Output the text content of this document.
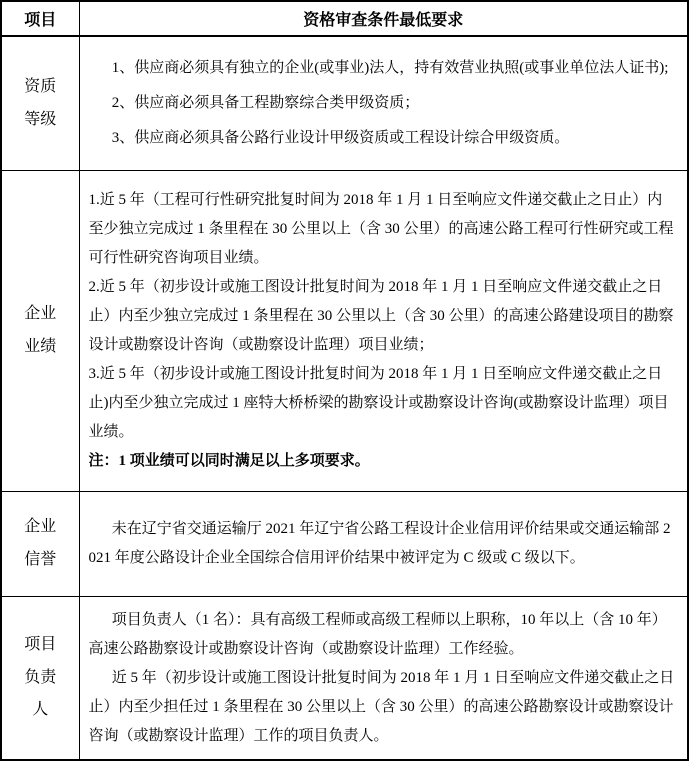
项目	资格审查条件最低要求
资质等级	1、供应商必须具有独立的企业(或事业)法人，持有效营业执照(或事业单位法人证书);

2、供应商必须具备工程勘察综合类甲级资质；

3、供应商必须具备公路行业设计甲级资质或工程设计综合甲级资质。

企业业绩	1.近 5 年（工程可行性研究批复时间为 2018 年 1 月 1 日至响应文件递交截止之日止）内至少独立完成过 1 条里程在 30 公里以上（含 30 公里）的高速公路工程可行性研究或工程可行性研究咨询项目业绩。

2.近 5 年（初步设计或施工图设计批复时间为 2018 年 1 月 1 日至响应文件递交截止之日止）内至少独立完成过 1 条里程在 30 公里以上（含 30 公里）的高速公路建设项目的勘察设计或勘察设计咨询（或勘察设计监理）项目业绩；

3.近 5 年（初步设计或施工图设计批复时间为 2018 年 1 月 1 日至响应文件递交截止之日止)内至少独立完成过 1 座特大桥桥梁的勘察设计或勘察设计咨询(或勘察设计监理）项目业绩。

注：1 项业绩可以同时满足以上多项要求。

企业信誉	未在辽宁省交通运输厅 2021 年辽宁省公路工程设计企业信用评价结果或交通运输部 2021 年度公路设计企业全国综合信用评价结果中被评定为 C 级或 C 级以下。

项目负责人	项目负责人（1 名）：具有高级工程师或高级工程师以上职称，10 年以上（含 10 年）高速公路勘察设计或勘察设计咨询（或勘察设计监理）工作经验。

近 5 年（初步设计或施工图设计批复时间为 2018 年 1 月 1 日至响应文件递交截止之日止）内至少担任过 1 条里程在 30 公里以上（含 30 公里）的高速公路勘察设计或勘察设计咨询（或勘察设计监理）工作的项目负责人。
